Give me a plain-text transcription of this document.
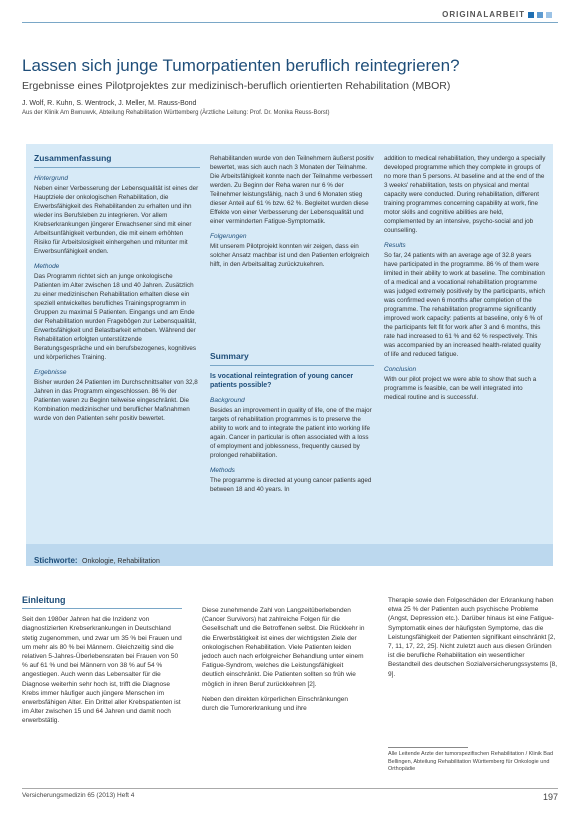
ORIGINALARBEIT
Lassen sich junge Tumorpatienten beruflich reintegrieren?
Ergebnisse eines Pilotprojektes zur medizinisch-beruflich orientierten Rehabilitation (MBOR)
J. Wolf, R. Kuhn, S. Wentrock, J. Meller, M. Rauss-Bond
Aus der Klinik Am Bwnuwvk, Abteilung Rehabilitation Württemberg (Ärztliche Leitung: Prof. Dr. Monika Reuss-Borst)
Zusammenfassung
Hintergrund

Neben einer Verbesserung der Lebensqualität ist eines der Hauptziele der onkologischen Rehabilitation, die Erwerbsfähigkeit des Rehabilitanden zu erhalten und ihn wieder ins Berufsleben zu integrieren. Vor allem Krebserkrankungen jüngerer Erwachsener sind mit einer Arbeitsunfähigkeit verbunden, die mit einem erhöhten Risiko für Arbeitslosigkeit einhergehen und mitunter mit Erwerbsunfähigkeit enden.

Methode

Das Programm richtet sich an junge onkologische Patienten im Alter zwischen 18 und 40 Jahren. Zusätzlich zu einer medizinischen Rehabilitation erhalten diese ein speziell entwickeltes berufliches Trainingsprogramm in Gruppen zu maximal 5 Patienten. Eingangs und am Ende der Rehabilitation wurden Fragebögen zur Lebensqualität, Erwerbsfähigkeit und Belastbarkeit erhoben. Während der Rehabilitation erfolgten unterstützende Beratungsgespräche und ein berufsbezogenes, kognitives und körperliches Training.

Ergebnisse

Bisher wurden 24 Patienten im Durchschnittsalter von 32,8 Jahren in das Programm eingeschlossen. 86 % der Patienten waren zu Beginn teilweise eingeschränkt. Die Kombination medizinischer und beruflicher Maßnahmen wurde von den Patienten sehr positiv bewertet.

Rehabilitanden wurde von den Teilnehmern äußerst positiv bewertet, was sich auch nach 3 Monaten der Teilnahme. Die Arbeitsfähigkeit konnte nach der Teilnahme verbessert werden. Zu Beginn der Reha waren nur 6 % der Teilnehmer leistungsfähig, nach 3 und 6 Monaten stieg dieser Anteil auf 61 % bzw. 62 %. Begleitet wurden diese Effekte von einer Verbesserung der Lebensqualität und einer verminderten Fatigue-Symptomatik.

Folgerungen

Mit unserem Pilotprojekt konnten wir zeigen, dass ein solcher Ansatz machbar ist und den Patienten erfolgreich hilft, in den Arbeitsalltag zurückzukehren.

Summary
Is vocational reintegration of young cancer patients possible?
Background

Besides an improvement in quality of life, one of the major targets of rehabilitation programmes is to preserve the ability to work and to integrate the patient into working life again. Cancer in particular is often associated with a loss of employment and joblessness, frequently caused by prolonged rehabilitation.

Methods

The programme is directed at young cancer patients aged between 18 and 40 years. In

addition to medical rehabilitation, they undergo a specially developed programme which they complete in groups of no more than 5 persons. At baseline and at the end of the 3 weeks' rehabilitation, tests on physical and mental capacity were conducted. During rehabilitation, different training programmes concerning capability at work, fine motor skills and cognitive abilities are held, complemented by an intensive, psycho-social and job counselling.

Results

So far, 24 patients with an average age of 32.8 years have participated in the programme. 86 % of them were limited in their ability to work at baseline. The combination of a medical and a vocational rehabilitation programme was judged extremely positively by the participants, which was confirmed even 6 months after completion of the programme. The rehabilitation programme significantly improved work capacity: patients at baseline, only 6 % of the participants felt fit for work after 3 and 6 months, this rate had increased to 61 % and 62 % respectively. This was accompanied by an increased health-related quality of life and reduced fatigue.

Conclusion

With our pilot project we were able to show that such a programme is feasible, can be well integrated into medical routine and is successful.

Stichworte: Onkologie, Rehabilitation
Einleitung

Seit den 1980er Jahren hat die Inzidenz von diagnostizierten Krebserkrankungen in Deutschland stetig zugenommen, und zwar um 35 % bei Frauen und um mehr als 80 % bei Männern. Gleichzeitig sind die relativen 5-Jahres-Überlebensraten bei Frauen von 50 % auf 61 % und bei Männern von 38 % auf 54 % angestiegen. Auch wenn das Lebensalter für die Diagnose weiterhin sehr hoch ist, trifft die Diagnose Krebs immer häufiger auch jüngere Menschen im erwerbsfähigen Alter. Ein Drittel aller Krebspatienten ist im Alter zwischen 15 und 64 Jahren und damit noch erwerbstätig.

Diese zunehmende Zahl von Langzeitüberlebenden (Cancer Survivors) hat zahlreiche Folgen für die Gesellschaft und die Betroffenen selbst. Die Rückkehr in die Erwerbstätigkeit ist eines der wichtigsten Ziele der onkologischen Rehabilitation. Viele Patienten leiden jedoch auch nach erfolgreicher Behandlung unter einem Fatigue-Syndrom, welches die Leistungsfähigkeit deutlich einschränkt. Die Patienten sollten so früh wie möglich in ihren Beruf zurückkehren [2].

Neben den direkten körperlichen Einschränkungen durch die Tumorerkrankung und ihre

Therapie sowie den Folgeschäden der Erkrankung haben etwa 25 % der Patienten auch psychische Probleme (Angst, Depression etc.). Darüber hinaus ist eine Fatigue-Symptomatik eines der häufigsten Symptome, das die Leistungsfähigkeit der Patienten signifikant einschränkt [2, 7, 11, 17, 22, 25]. Nicht zuletzt auch aus diesen Gründen ist die berufliche Rehabilitation ein wesentlicher Bestandteil des deutschen Sozialversicherungssystems [8, 9].

Alle Leitende Arzte der tumorspezifischen Rehabilitation / Klinik Bad Bellingen, Abteilung Rehabilitation Württemberg für Onkologie und Orthopädie
Versicherungsmedizin 65 (2013) Heft 4	197
